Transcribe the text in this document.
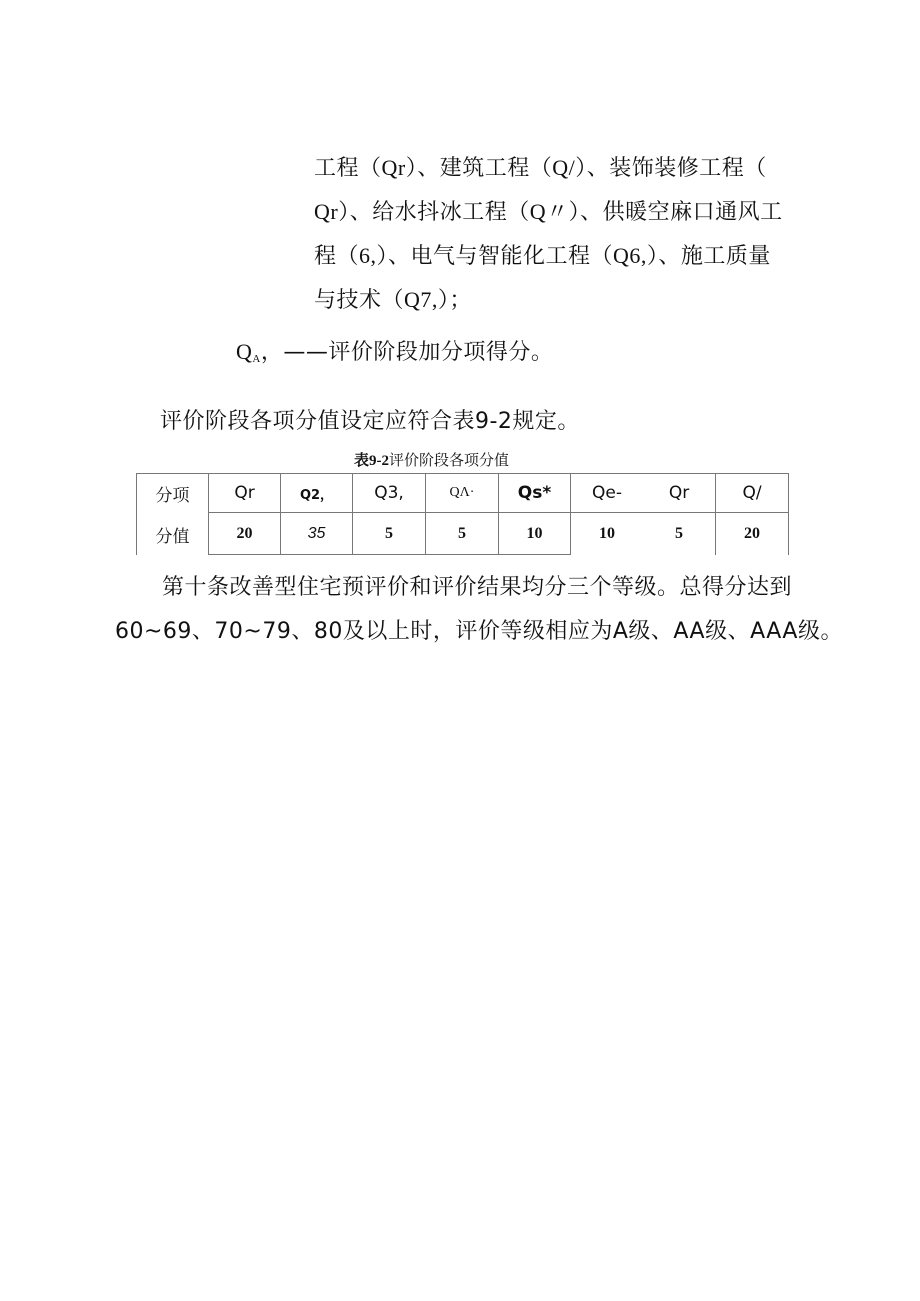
工程（Qr）、建筑工程（Q/）、装饰装修工程（
Qr）、给水抖冰工程（Q〃）、供暖空麻口通风工
程（6,）、电气与智能化工程（Q6,）、施工质量
与技术（Q7,）；
$Q_A$，——评价阶段加分项得分。
评价阶段各项分值设定应符合表9-2规定。
表9-2评价阶段各项分值
分项	Qr	Q2，	Q3,	QΛ·	Qs*	Qe-	Qr	Q/
分值	20	35	5	5	10	10	5	20
第十条改善型住宅预评价和评价结果均分三个等级。总得分达到
60~69、70~79、80及以上时，评价等级相应为A级、AA级、AAA级。
